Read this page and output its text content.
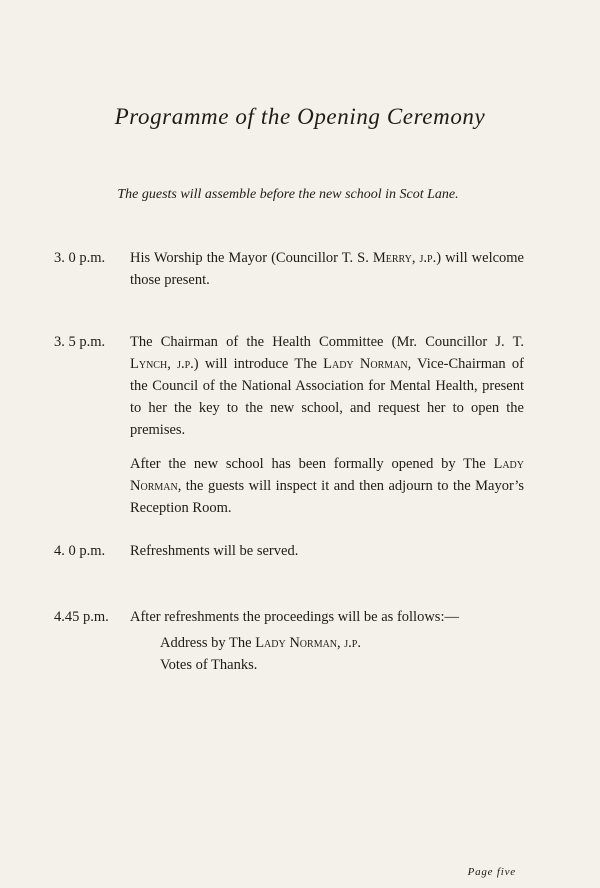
Programme of the Opening Ceremony
The guests will assemble before the new school in Scot Lane.
3. 0 p.m.	His Worship the Mayor (Councillor T. S. Merry, j.p.) will welcome those present.

3. 5 p.m.	The Chairman of the Health Committee (Mr. Councillor J. T. Lynch, j.p.) will introduce The Lady Norman, Vice-Chairman of the Council of the National Association for Mental Health, present to her the key to the new school, and request her to open the premises.

After the new school has been formally opened by The Lady Norman, the guests will inspect it and then adjourn to the Mayor’s Reception Room.

4. 0 p.m.	Refreshments will be served.

4.45 p.m.	After refreshments the proceedings will be as follows:—
Address by The Lady Norman, j.p.
Votes of Thanks.
Page five
